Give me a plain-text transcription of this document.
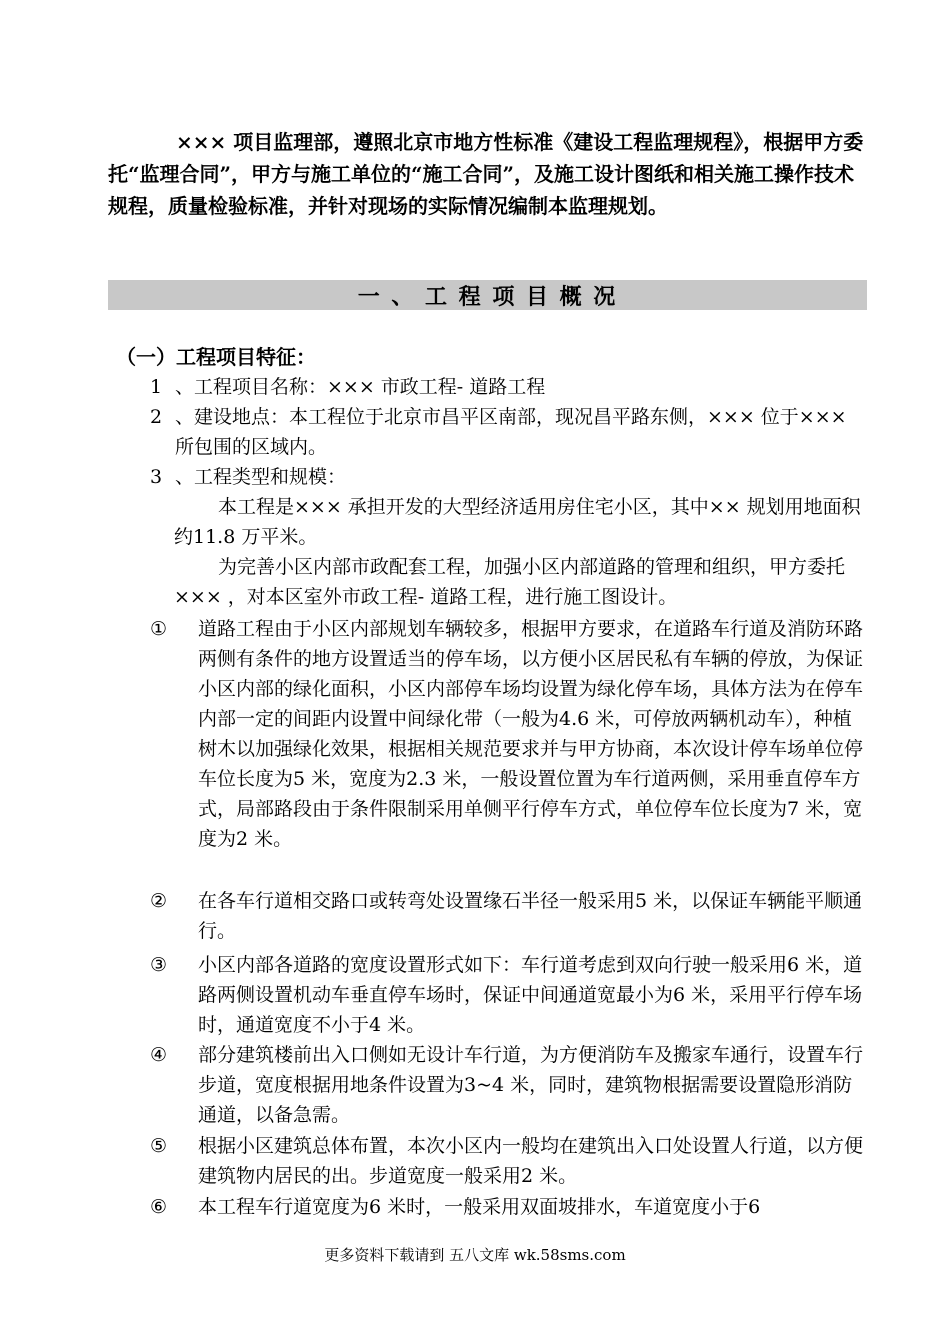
××× 项目监理部，遵照北京市地方性标准《建设工程监理规程》，根据甲方委托“监理合同”，甲方与施工单位的“施工合同”，及施工设计图纸和相关施工操作技术规程，质量检验标准，并针对现场的实际情况编制本监理规划。
一 、 工 程 项 目 概 况
（一）工程项目特征：
1 、工程项目名称：××× 市政工程- 道路工程
2 、建设地点：本工程位于北京市昌平区南部，现况昌平路东侧，××× 位于××× 所包围的区域内。
3 、工程类型和规模：
本工程是××× 承担开发的大型经济适用房住宅小区，其中×× 规划用地面积约11.8 万平米。
为完善小区内部市政配套工程，加强小区内部道路的管理和组织，甲方委托××× ，对本区室外市政工程- 道路工程，进行施工图设计。
①	道路工程由于小区内部规划车辆较多，根据甲方要求，在道路车行道及消防环路两侧有条件的地方设置适当的停车场，以方便小区居民私有车辆的停放，为保证小区内部的绿化面积，小区内部停车场均设置为绿化停车场，具体方法为在停车内部一定的间距内设置中间绿化带（一般为4.6 米，可停放两辆机动车），种植树木以加强绿化效果，根据相关规范要求并与甲方协商，本次设计停车场单位停车位长度为5 米，宽度为2.3 米，一般设置位置为车行道两侧，采用垂直停车方式，局部路段由于条件限制采用单侧平行停车方式，单位停车位长度为7 米，宽度为2 米。
②	在各车行道相交路口或转弯处设置缘石半径一般采用5 米，以保证车辆能平顺通行。
③	小区内部各道路的宽度设置形式如下：车行道考虑到双向行驶一般采用6 米，道路两侧设置机动车垂直停车场时，保证中间通道宽最小为6 米，采用平行停车场时，通道宽度不小于4 米。
④	部分建筑楼前出入口侧如无设计车行道，为方便消防车及搬家车通行，设置车行步道，宽度根据用地条件设置为3~4 米，同时，建筑物根据需要设置隐形消防通道，以备急需。
⑤	根据小区建筑总体布置，本次小区内一般均在建筑出入口处设置人行道，以方便建筑物内居民的出。步道宽度一般采用2 米。
⑥	本工程车行道宽度为6 米时，一般采用双面坡排水，车道宽度小于6
更多资料下载请到 五八文库 wk.58sms.com
